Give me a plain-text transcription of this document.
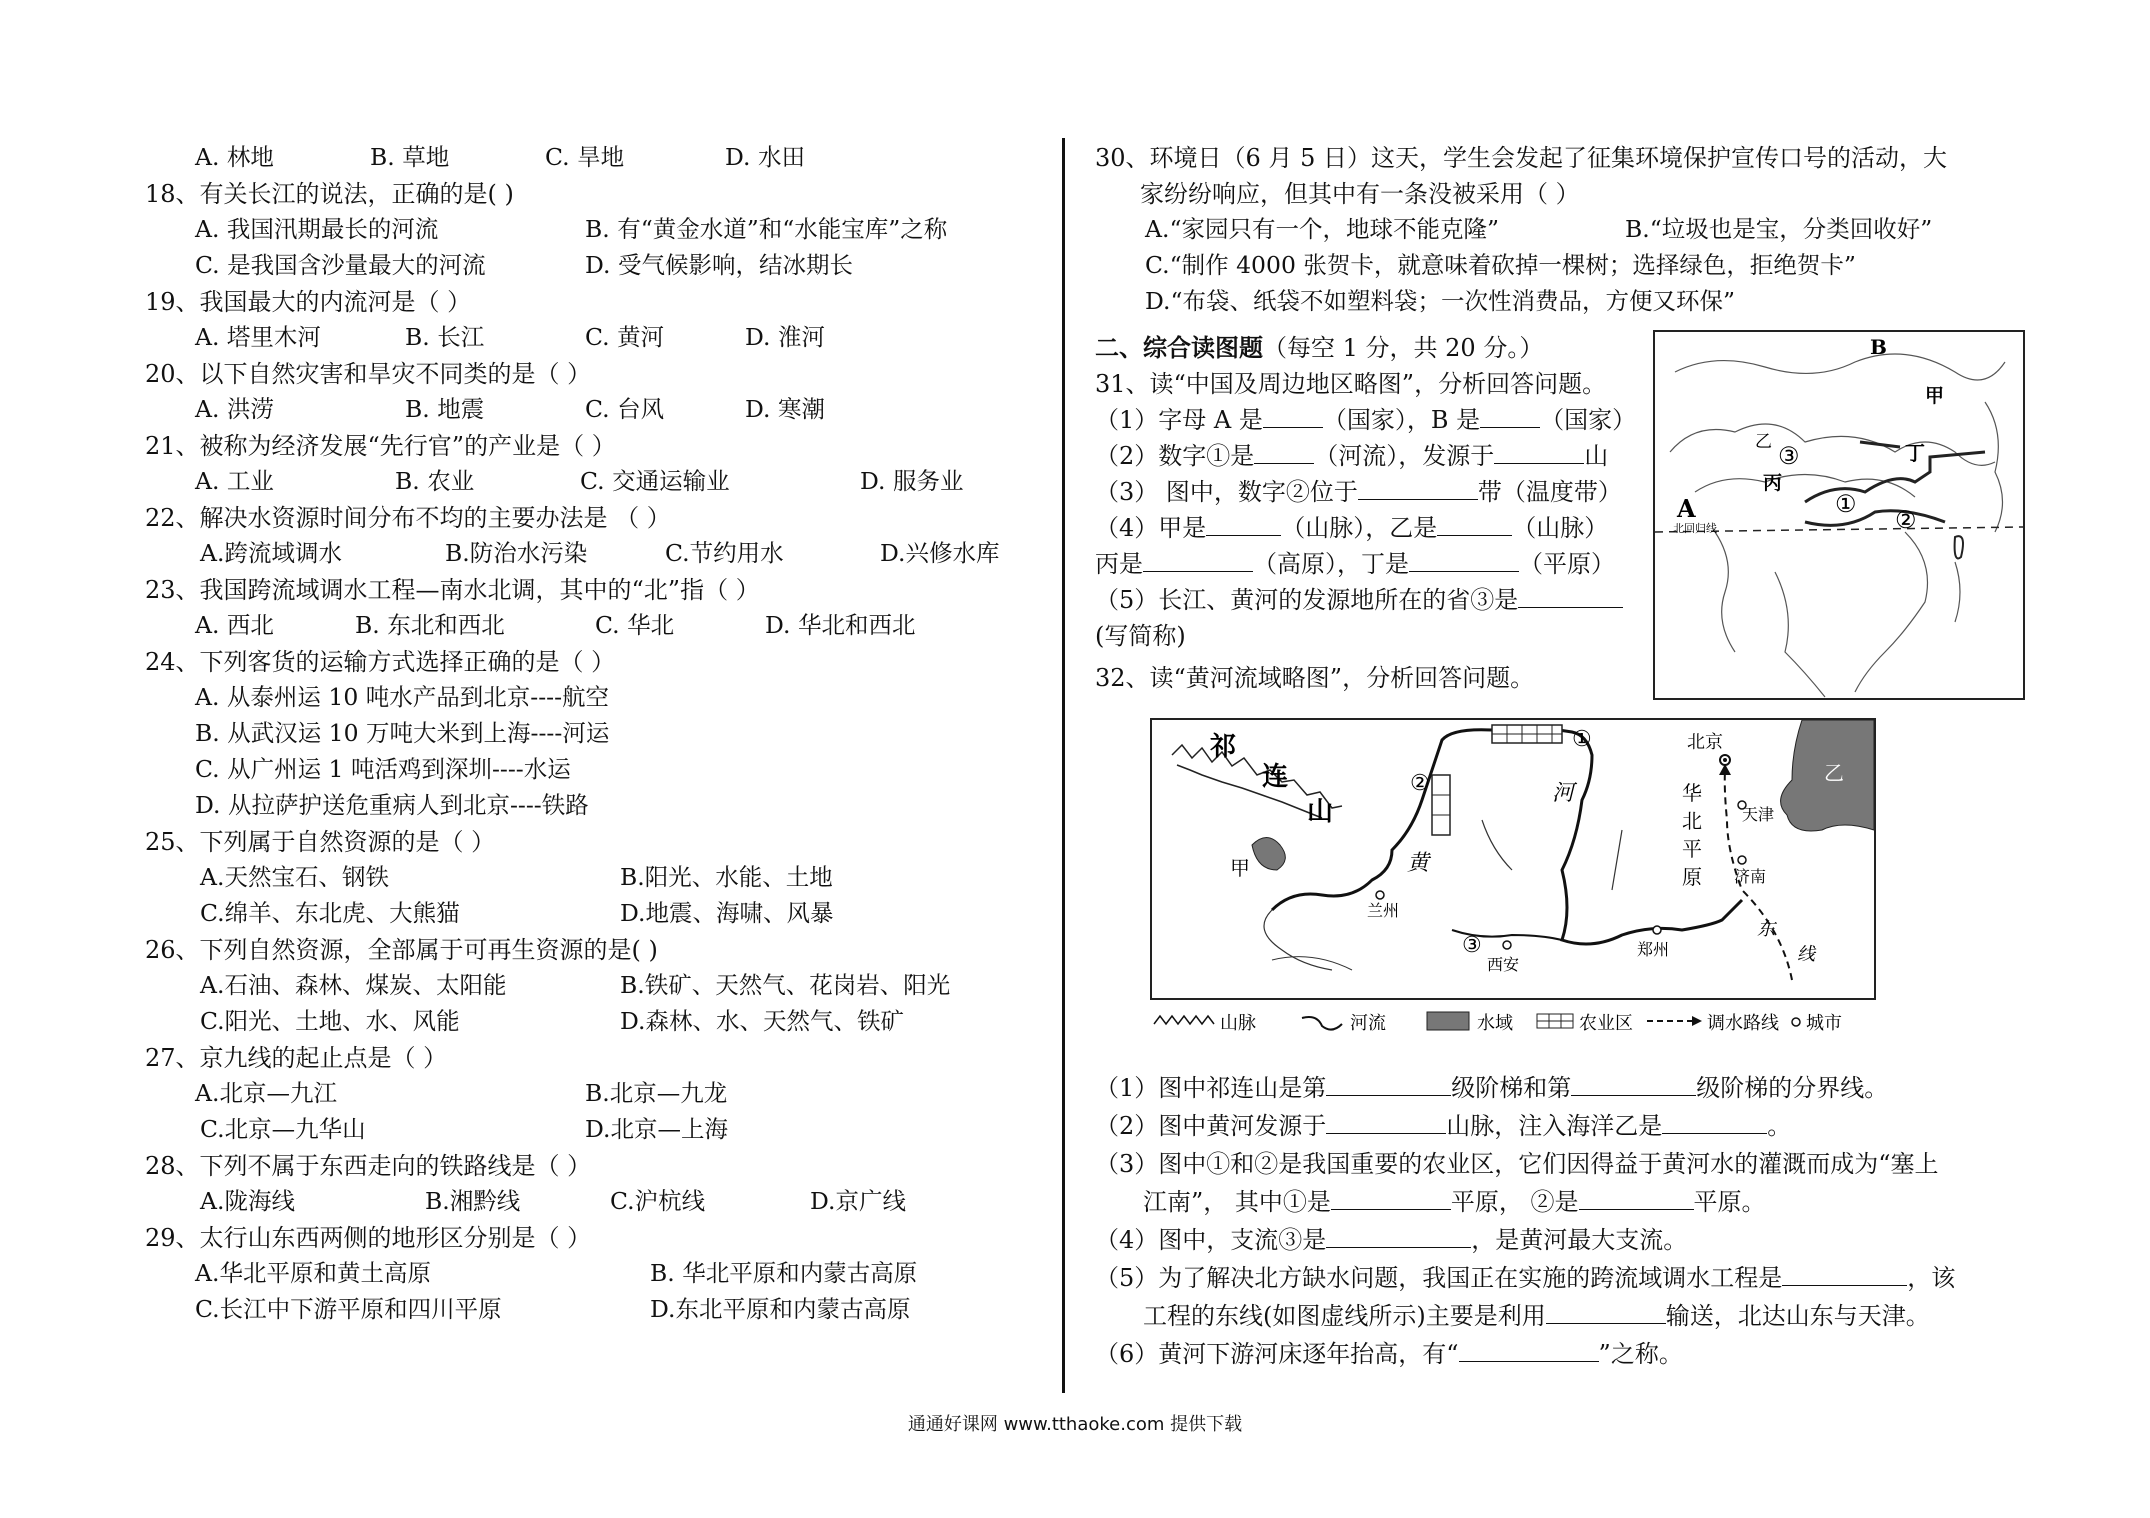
A. 林地	B. 草地	C. 旱地	D. 水田
18、有关长江的说法，正确的是( )
A. 我国汛期最长的河流	B. 有“黄金水道”和“水能宝库”之称
C. 是我国含沙量最大的河流	D. 受气候影响，结冰期长
19、我国最大的内流河是（ ）
A. 塔里木河	B. 长江	C. 黄河	D. 淮河
20、以下自然灾害和旱灾不同类的是（ ）
A. 洪涝	B. 地震	C. 台风	D. 寒潮
21、被称为经济发展“先行官”的产业是（ ）
A. 工业	B. 农业	C. 交通运输业	D. 服务业
22、解决水资源时间分布不均的主要办法是 （ ）
A.跨流域调水	B.防治水污染	C.节约用水	D.兴修水库
23、我国跨流域调水工程—南水北调，其中的“北”指（ ）
A. 西北	B. 东北和西北	C. 华北	D. 华北和西北
24、下列客货的运输方式选择正确的是（ ）
A. 从泰州运 10 吨水产品到北京----航空
B. 从武汉运 10 万吨大米到上海----河运
C. 从广州运 1 吨活鸡到深圳----水运
D. 从拉萨护送危重病人到北京----铁路
25、下列属于自然资源的是（ ）
A.天然宝石、钢铁	B.阳光、水能、土地
C.绵羊、东北虎、大熊猫	D.地震、海啸、风暴
26、下列自然资源，全部属于可再生资源的是( )
A.石油、森林、煤炭、太阳能	B.铁矿、天然气、花岗岩、阳光
C.阳光、土地、水、风能	D.森林、水、天然气、铁矿
27、京九线的起止点是（ ）
A.北京—九江	B.北京—九龙
C.北京—九华山	D.北京—上海
28、下列不属于东西走向的铁路线是（ ）
A.陇海线	B.湘黔线	C.沪杭线	D.京广线
29、太行山东西两侧的地形区分别是（ ）
A.华北平原和黄土高原	B. 华北平原和内蒙古高原
C.长江中下游平原和四川平原	D.东北平原和内蒙古高原
30、环境日（6 月 5 日）这天，学生会发起了征集环境保护宣传口号的活动，大
家纷纷响应，但其中有一条没被采用（ ）
A.“家园只有一个，地球不能克隆”	B.“垃圾也是宝，分类回收好”
C.“制作 4000 张贺卡，就意味着砍掉一棵树；选择绿色，拒绝贺卡”
D.“布袋、纸袋不如塑料袋；一次性消费品，方便又环保”
二、综合读图题（每空 1 分，共 20 分。）
31、读“中国及周边地区略图”，分析回答问题。
（1）字母 A 是	（国家），B 是	（国家）
（2）数字①是	（河流），发源于	山
（3） 图中，数字②位于	带（温度带）
（4）甲是	（山脉），乙是	（山脉）
丙是	（高原），丁是	（平原）
（5）长江、黄河的发源地所在的省③是
(写简称)
32、读“黄河流域略图”，分析回答问题。
（1）图中祁连山是第	级阶梯和第	级阶梯的分界线。
（2）图中黄河发源于	山脉，注入海洋乙是	。
（3）图中①和②是我国重要的农业区，它们因得益于黄河水的灌溉而成为“塞上
江南”， 其中①是	平原， ②是	平原。
（4）图中，支流③是	，是黄河最大支流。
（5）为了解决北方缺水问题，我国正在实施的跨流域调水工程是	，该
工程的东线(如图虚线所示)主要是利用	输送，北达山东与天津。
（6）黄河下游河床逐年抬高，有“	”之称。
B
甲
乙	丁
丙
③
①
②
A
北回归线
祁
连
山
甲
①
②
③
河
黄
乙
北京
天津
济南
兰州
西安
郑州
华
北
平
原
东
线
山脉	河流	水域	农业区	调水路线 城市
通通好课网 www.tthaoke.com 提供下载
